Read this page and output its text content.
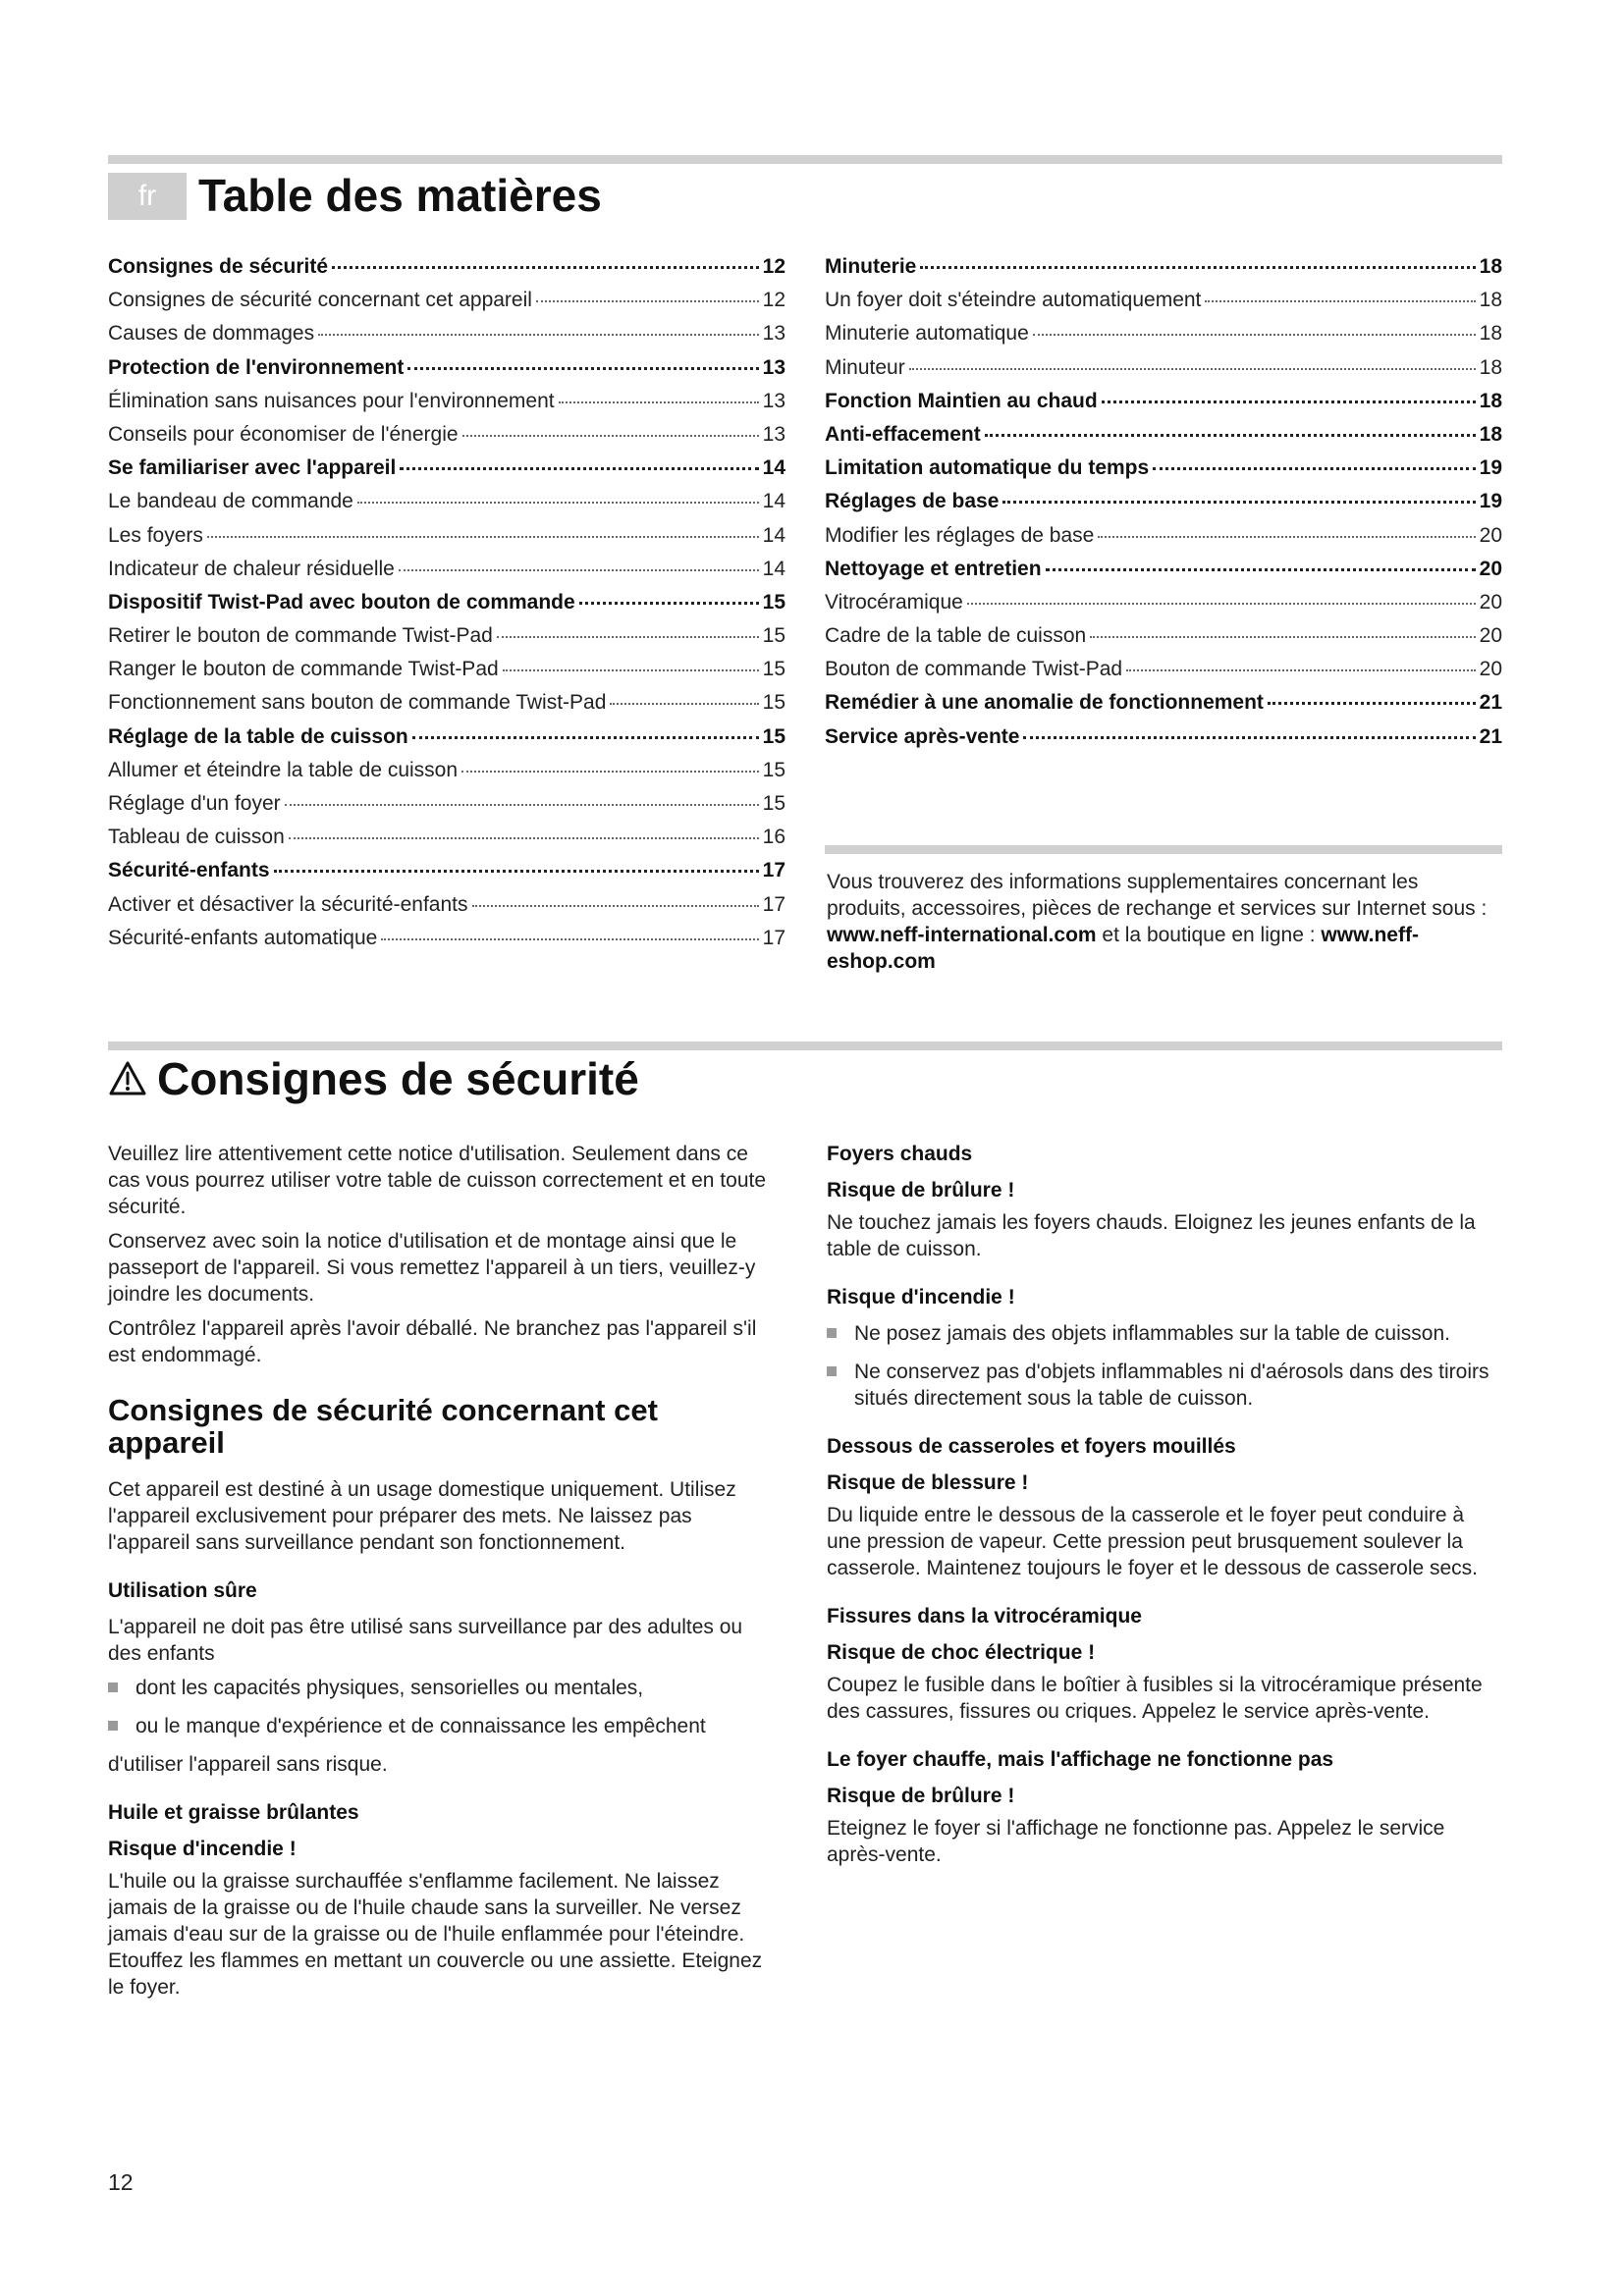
fr Table des matières
Consignes de sécurité	12
Consignes de sécurité concernant cet appareil	12
Causes de dommages	13
Protection de l'environnement	13
Élimination sans nuisances pour l'environnement	13
Conseils pour économiser de l'énergie	13
Se familiariser avec l'appareil	14
Le bandeau de commande	14
Les foyers	14
Indicateur de chaleur résiduelle	14
Dispositif Twist-Pad avec bouton de commande	15
Retirer le bouton de commande Twist-Pad	15
Ranger le bouton de commande Twist-Pad	15
Fonctionnement sans bouton de commande Twist-Pad	15
Réglage de la table de cuisson	15
Allumer et éteindre la table de cuisson	15
Réglage d'un foyer	15
Tableau de cuisson	16
Sécurité-enfants	17
Activer et désactiver la sécurité-enfants	17
Sécurité-enfants automatique	17
Minuterie	18
Un foyer doit s'éteindre automatiquement	18
Minuterie automatique	18
Minuteur	18
Fonction Maintien au chaud	18
Anti-effacement	18
Limitation automatique du temps	19
Réglages de base	19
Modifier les réglages de base	20
Nettoyage et entretien	20
Vitrocéramique	20
Cadre de la table de cuisson	20
Bouton de commande Twist-Pad	20
Remédier à une anomalie de fonctionnement	21
Service après-vente	21

Vous trouverez des informations supplementaires concernant les produits, accessoires, pièces de rechange et services sur Internet sous : www.neff-international.com et la boutique en ligne : www.neff-eshop.com

Consignes de sécurité

Veuillez lire attentivement cette notice d'utilisation. Seulement dans ce cas vous pourrez utiliser votre table de cuisson correctement et en toute sécurité.

Conservez avec soin la notice d'utilisation et de montage ainsi que le passeport de l'appareil. Si vous remettez l'appareil à un tiers, veuillez-y joindre les documents.

Contrôlez l'appareil après l'avoir déballé. Ne branchez pas l'appareil s'il est endommagé.

Consignes de sécurité concernant cet appareil

Cet appareil est destiné à un usage domestique uniquement. Utilisez l'appareil exclusivement pour préparer des mets. Ne laissez pas l'appareil sans surveillance pendant son fonctionnement.

Utilisation sûre

L'appareil ne doit pas être utilisé sans surveillance par des adultes ou des enfants

dont les capacités physiques, sensorielles ou mentales,
ou le manque d'expérience et de connaissance les empêchent

d'utiliser l'appareil sans risque.

Huile et graisse brûlantes
Risque d'incendie !

L'huile ou la graisse surchauffée s'enflamme facilement. Ne laissez jamais de la graisse ou de l'huile chaude sans la surveiller. Ne versez jamais d'eau sur de la graisse ou de l'huile enflammée pour l'éteindre. Etouffez les flammes en mettant un couvercle ou une assiette. Eteignez le foyer.

Foyers chauds
Risque de brûlure !

Ne touchez jamais les foyers chauds. Eloignez les jeunes enfants de la table de cuisson.

Risque d'incendie !
Ne posez jamais des objets inflammables sur la table de cuisson.
Ne conservez pas d'objets inflammables ni d'aérosols dans des tiroirs situés directement sous la table de cuisson.
Dessous de casseroles et foyers mouillés
Risque de blessure !

Du liquide entre le dessous de la casserole et le foyer peut conduire à une pression de vapeur. Cette pression peut brusquement soulever la casserole. Maintenez toujours le foyer et le dessous de casserole secs.

Fissures dans la vitrocéramique
Risque de choc électrique !

Coupez le fusible dans le boîtier à fusibles si la vitrocéramique présente des cassures, fissures ou criques. Appelez le service après-vente.

Le foyer chauffe, mais l'affichage ne fonctionne pas
Risque de brûlure !

Eteignez le foyer si l'affichage ne fonctionne pas. Appelez le service après-vente.

12
